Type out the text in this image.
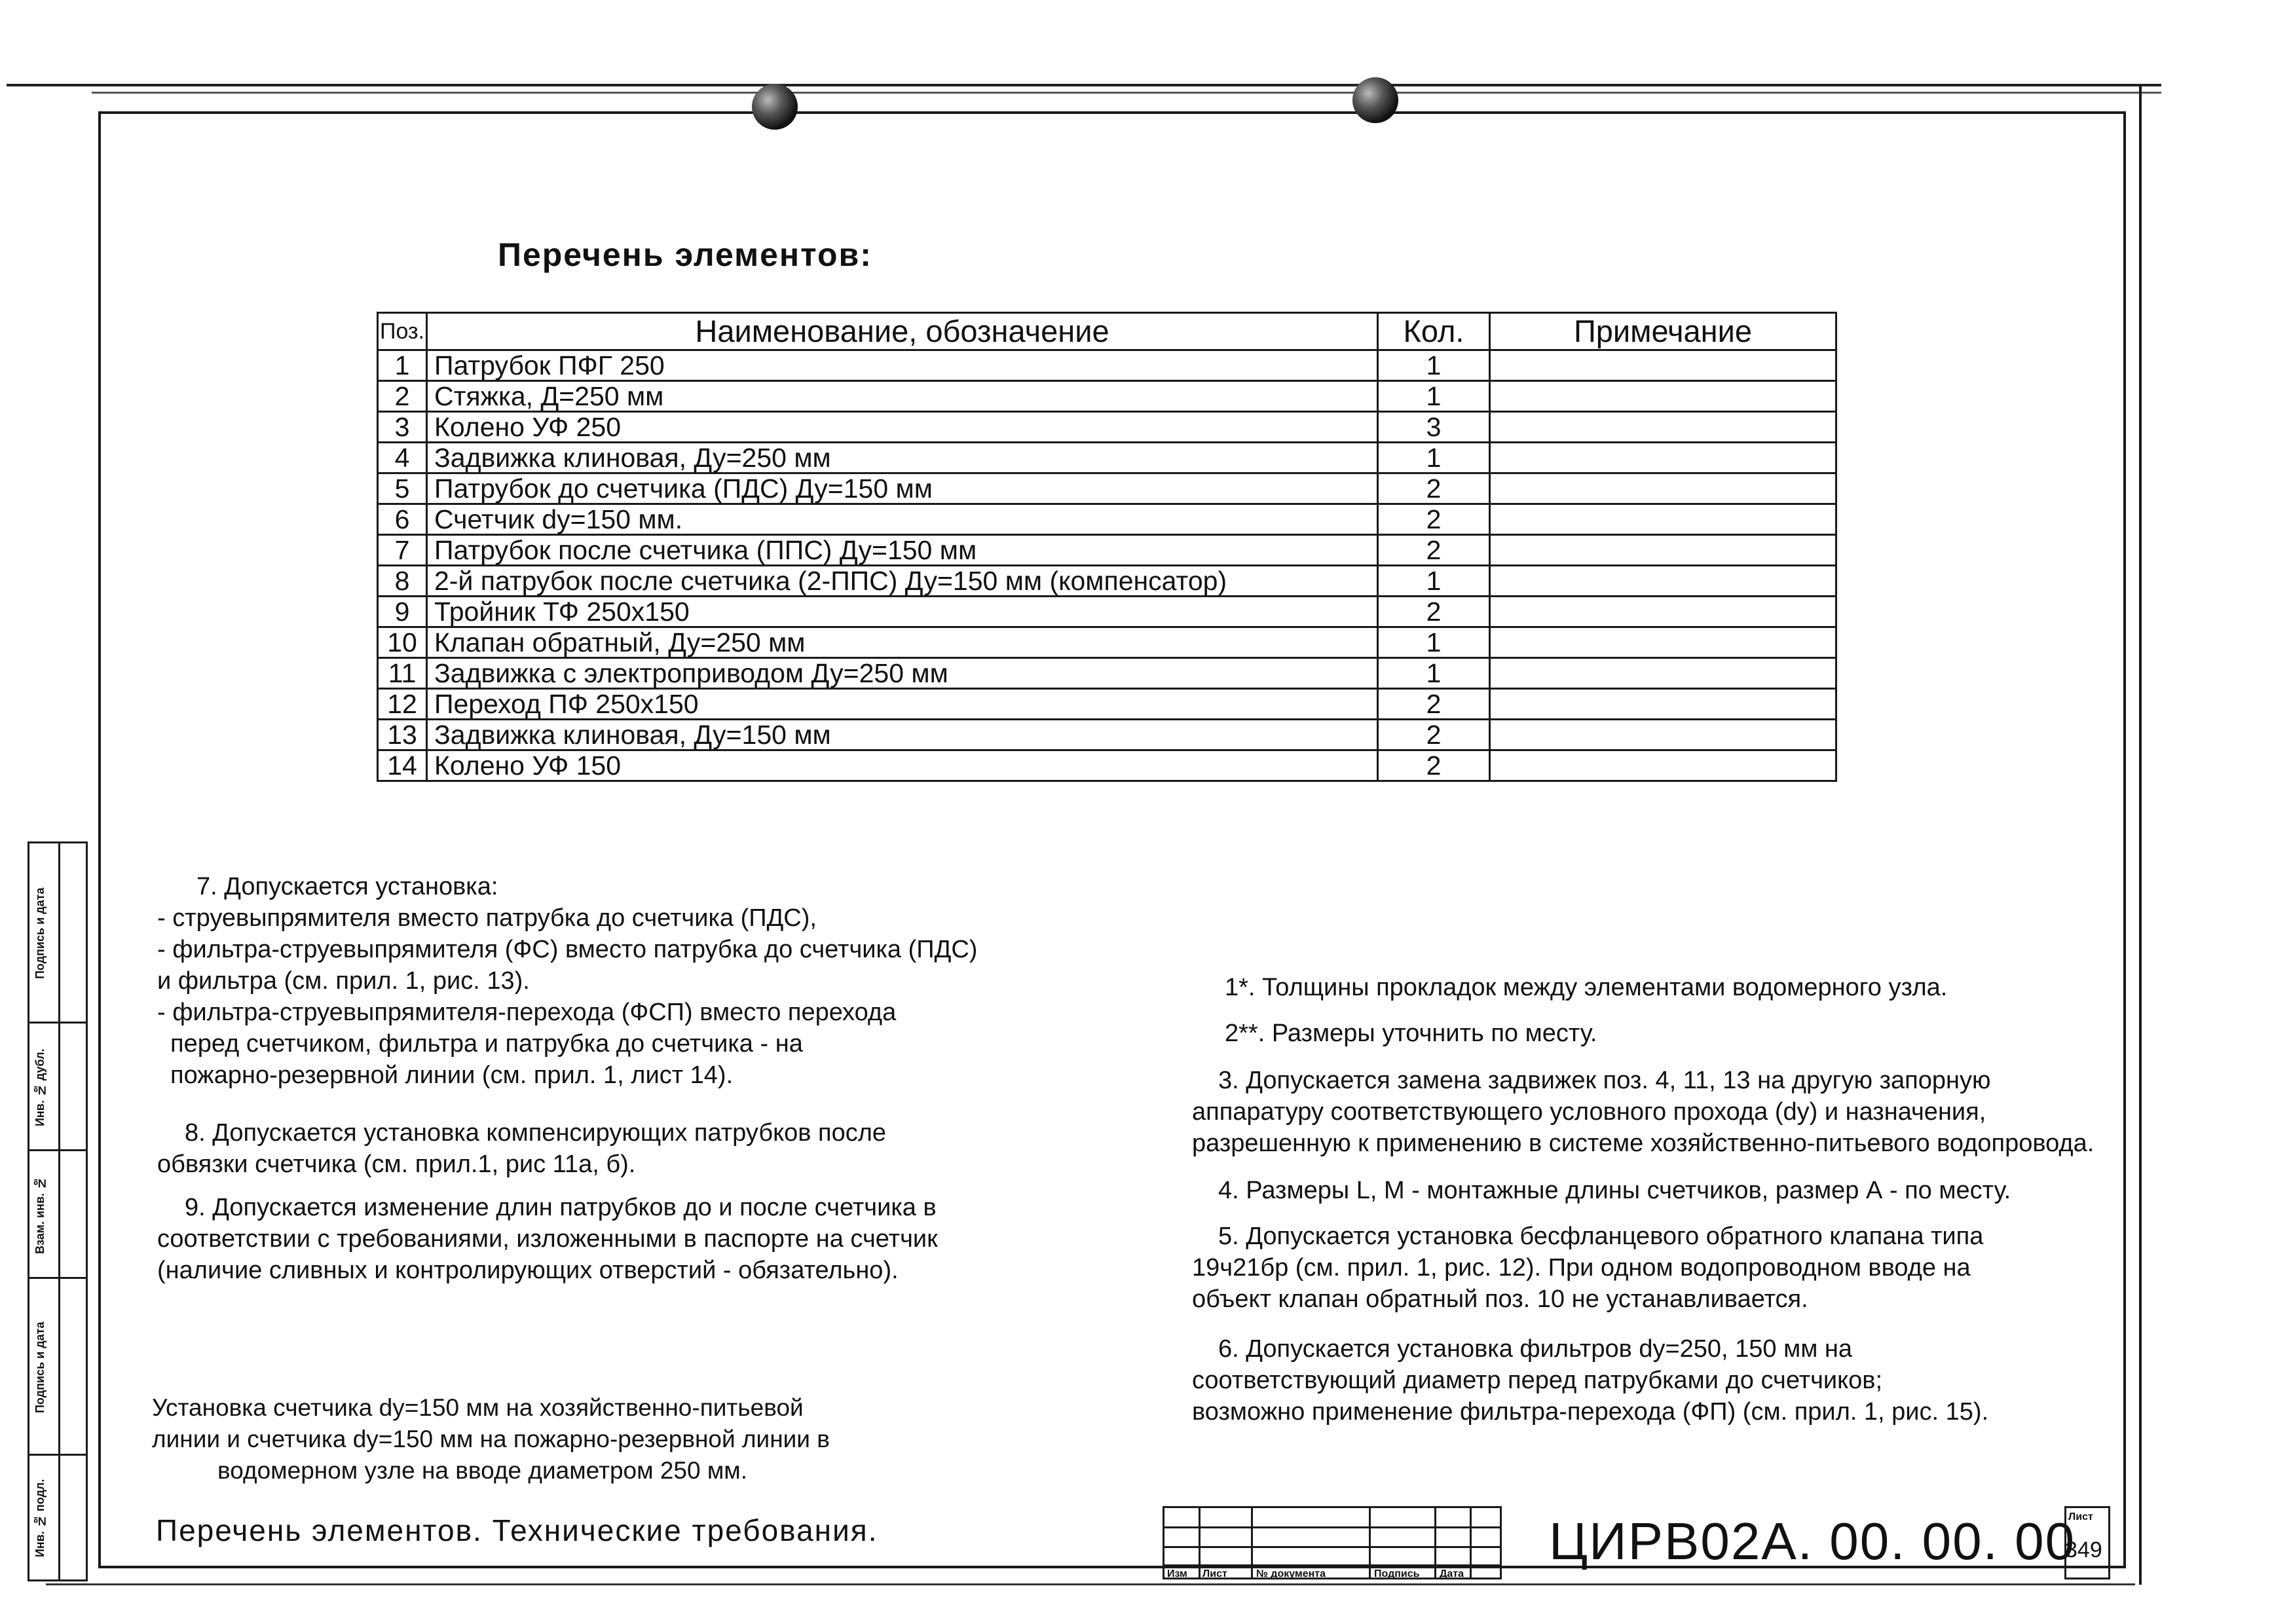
Перечень элементов:
Поз.	Наименование, обозначение	Кол.	Примечание
1	Патрубок ПФГ 250	1	
2	Стяжка, Д=250 мм	1	
3	Колено УФ 250	3	
4	Задвижка клиновая, Ду=250 мм	1	
5	Патрубок до счетчика (ПДС) Ду=150 мм	2	
6	Счетчик dy=150 мм.	2	
7	Патрубок после счетчика (ППС) Ду=150 мм	2	
8	2-й патрубок после счетчика (2-ППС) Ду=150 мм (компенсатор)	1	
9	Тройник ТФ 250х150	2	
10	Клапан обратный, Ду=250 мм	1	
11	Задвижка с электроприводом Ду=250 мм	1	
12	Переход ПФ 250х150	2	
13	Задвижка клиновая, Ду=150 мм	2	
14	Колено УФ 150	2	
7. Допускается установка:
- струевыпрямителя вместо патрубка до счетчика (ПДС),
- фильтра-струевыпрямителя (ФС) вместо патрубка до счетчика (ПДС)
и фильтра (см. прил. 1, рис. 13).
- фильтра-струевыпрямителя-перехода (ФСП) вместо перехода
перед счетчиком, фильтра и патрубка до счетчика - на
пожарно-резервной линии (см. прил. 1, лист 14).
8. Допускается установка компенсирующих патрубков после
обвязки счетчика (см. прил.1, рис 11а, б).
9. Допускается изменение длин патрубков до и после счетчика в
соответствии с требованиями, изложенными в паспорте на счетчик
(наличие сливных и контролирующих отверстий - обязательно).
Установка счетчика dy=150 мм на хозяйственно-питьевой
линии и счетчика dy=150 мм на пожарно-резервной линии в
водомерном узле на вводе диаметром 250 мм.
Перечень элементов. Технические требования.
1*. Толщины прокладок между элементами водомерного узла.
2**. Размеры уточнить по месту.
3. Допускается замена задвижек поз. 4, 11, 13 на другую запорную
аппаратуру соответствующего условного прохода (dy) и назначения,
разрешенную к применению в системе хозяйственно-питьевого водопровода.
4. Размеры L, M - монтажные длины счетчиков, размер А - по месту.
5. Допускается установка бесфланцевого обратного клапана типа
19ч21бр (см. прил. 1, рис. 12). При одном водопроводном вводе на
объект клапан обратный поз. 10 не устанавливается.
6. Допускается установка фильтров dy=250, 150 мм на
соответствующий диаметр перед патрубками до счетчиков;
возможно применение фильтра-перехода (ФП) (см. прил. 1, рис. 15).
Подпись и дата
Инв. № дубл.
Взам. инв. №
Подпись и дата
Инв. № подл.
Изм Лист	№ документа	Подпись Дата
ЦИРВ02А. 00. 00. 00
Лист
349
